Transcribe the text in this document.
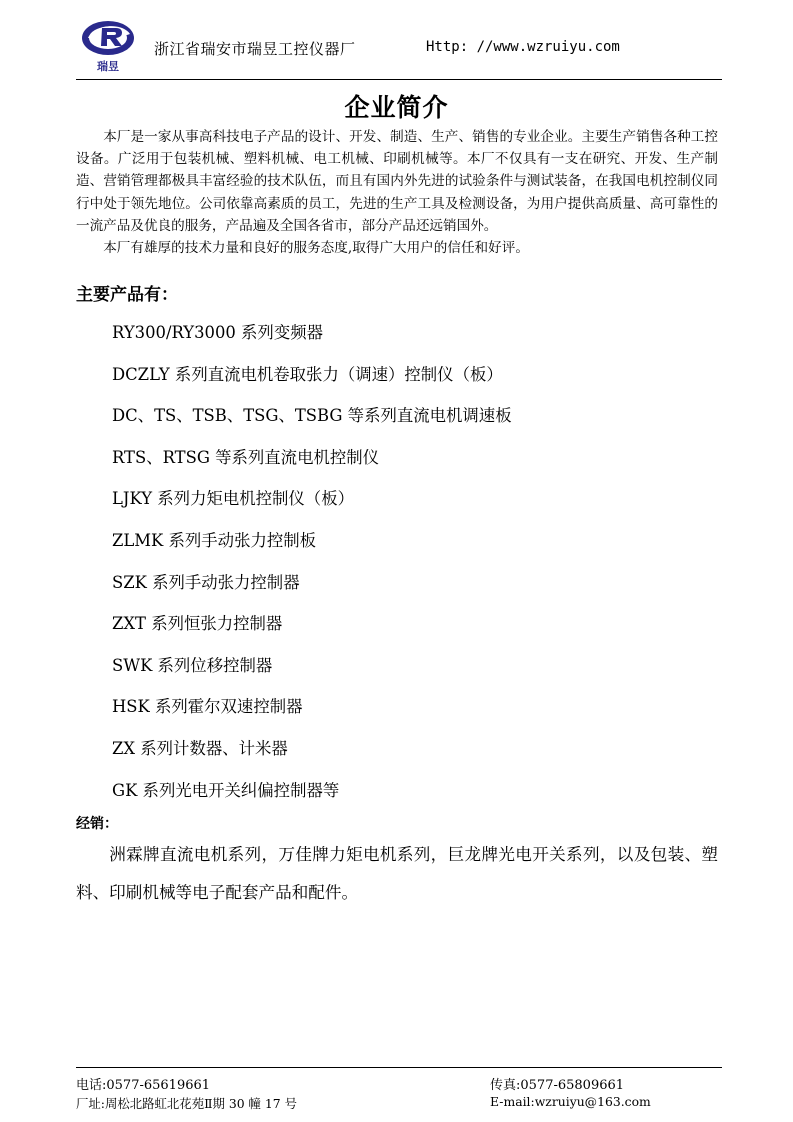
瑞昱
浙江省瑞安市瑞昱工控仪器厂	Http: //www.wzruiyu.com
企业简介

本厂是一家从事高科技电子产品的设计、开发、制造、生产、销售的专业企业。主要生产销售各种工控设备。广泛用于包装机械、塑料机械、电工机械、印刷机械等。本厂不仅具有一支在研究、开发、生产制造、营销管理都极具丰富经验的技术队伍，而且有国内外先进的试验条件与测试装备，在我国电机控制仪同行中处于领先地位。公司依靠高素质的员工，先进的生产工具及检测设备，为用户提供高质量、高可靠性的一流产品及优良的服务，产品遍及全国各省市，部分产品还远销国外。

本厂有雄厚的技术力量和良好的服务态度,取得广大用户的信任和好评。

主要产品有：
RY300/RY3000 系列变频器
DCZLY 系列直流电机卷取张力（调速）控制仪（板）
DC、TS、TSB、TSG、TSBG 等系列直流电机调速板
RTS、RTSG 等系列直流电机控制仪
LJKY 系列力矩电机控制仪（板）
ZLMK 系列手动张力控制板
SZK 系列手动张力控制器
ZXT 系列恒张力控制器
SWK 系列位移控制器
HSK 系列霍尔双速控制器
ZX 系列计数器、计米器
GK 系列光电开关纠偏控制器等
经销：

洲霖牌直流电机系列，万佳牌力矩电机系列，巨龙牌光电开关系列，以及包装、塑料、印刷机械等电子配套产品和配件。

电话:0577-65619661	传真:0577-65809661
厂址:周松北路虹北花苑Ⅱ期 30 幢 17 号	E-mail:wzruiyu@163.com
